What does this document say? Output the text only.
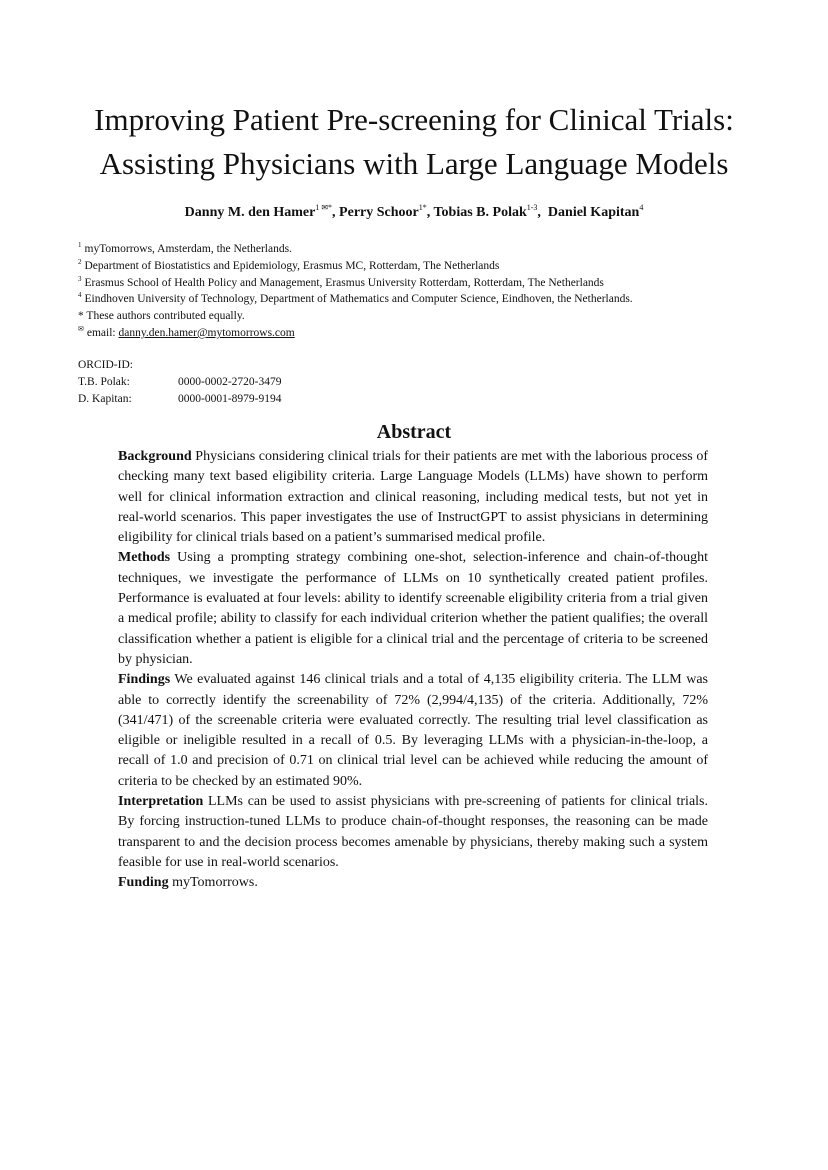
Improving Patient Pre-screening for Clinical Trials:
Assisting Physicians with Large Language Models
Danny M. den Hamer$^{1 ✉*}$, Perry Schoor$^{1*}$, Tobias B. Polak$^{1-3}$,  Daniel Kapitan$^4$
$^1$ myTomorrows, Amsterdam, the Netherlands.
$^2$ Department of Biostatistics and Epidemiology, Erasmus MC, Rotterdam, The Netherlands
$^3$ Erasmus School of Health Policy and Management, Erasmus University Rotterdam, Rotterdam, The Netherlands
$^4$ Eindhoven University of Technology, Department of Mathematics and Computer Science, Eindhoven, the Netherlands.
* These authors contributed equally.
✉ email: danny.den.hamer@mytomorrows.com
ORCID-ID:
T.B. Polak:	0000-0002-2720-3479
D. Kapitan:	0000-0001-8979-9194
Abstract

Background Physicians considering clinical trials for their patients are met with the laborious process of checking many text based eligibility criteria. Large Language Models (LLMs) have shown to perform well for clinical information extraction and clinical reasoning, including medical tests, but not yet in real-world scenarios. This paper investigates the use of InstructGPT to assist physicians in determining eligibility for clinical trials based on a patient’s summarised medical profile.

Methods Using a prompting strategy combining one-shot, selection-inference and chain-of-thought techniques, we investigate the performance of LLMs on 10 synthetically created patient profiles. Performance is evaluated at four levels: ability to identify screenable eligibility criteria from a trial given a medical profile; ability to classify for each individual criterion whether the patient qualifies; the overall classification whether a patient is eligible for a clinical trial and the percentage of criteria to be screened by physician.

Findings We evaluated against 146 clinical trials and a total of 4,135 eligibility criteria. The LLM was able to correctly identify the screenability of 72% (2,994/4,135) of the criteria. Additionally, 72% (341/471) of the screenable criteria were evaluated correctly. The resulting trial level classification as eligible or ineligible resulted in a recall of 0.5. By leveraging LLMs with a physician-in-the-loop, a recall of 1.0 and precision of 0.71 on clinical trial level can be achieved while reducing the amount of criteria to be checked by an estimated 90%.

Interpretation LLMs can be used to assist physicians with pre-screening of patients for clinical trials. By forcing instruction-tuned LLMs to produce chain-of-thought responses, the reasoning can be made transparent to and the decision process becomes amenable by physicians, thereby making such a system feasible for use in real-world scenarios.

Funding myTomorrows.
